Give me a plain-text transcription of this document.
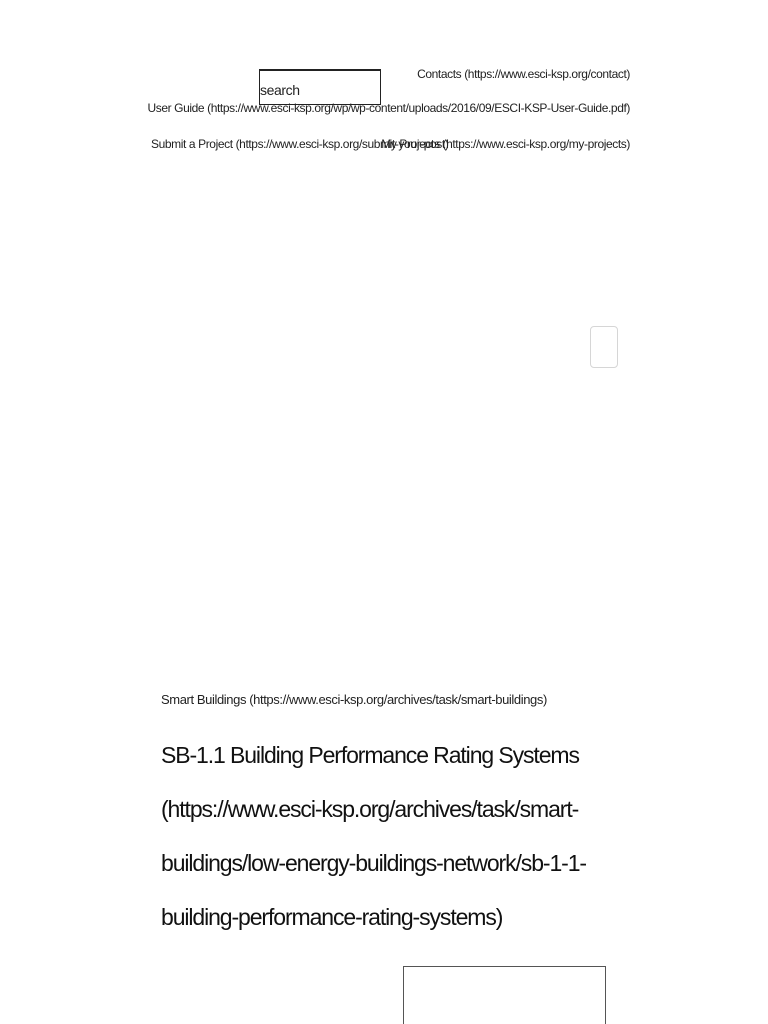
search
Contacts (https://www.esci-ksp.org/contact)
User Guide (https://www.esci-ksp.org/wp/wp-content/uploads/2016/09/ESCI-KSP-User-Guide.pdf)
Submit a Project (https://www.esci-ksp.org/submit-your-post)
My Projects (https://www.esci-ksp.org/my-projects)
Smart Buildings (https://www.esci-ksp.org/archives/task/smart-buildings)
SB-1.1 Building Performance Rating Systems (https://www.esci-ksp.org/archives/task/smart-buildings/low-energy-buildings-network/sb-1-1-building-performance-rating-systems)
